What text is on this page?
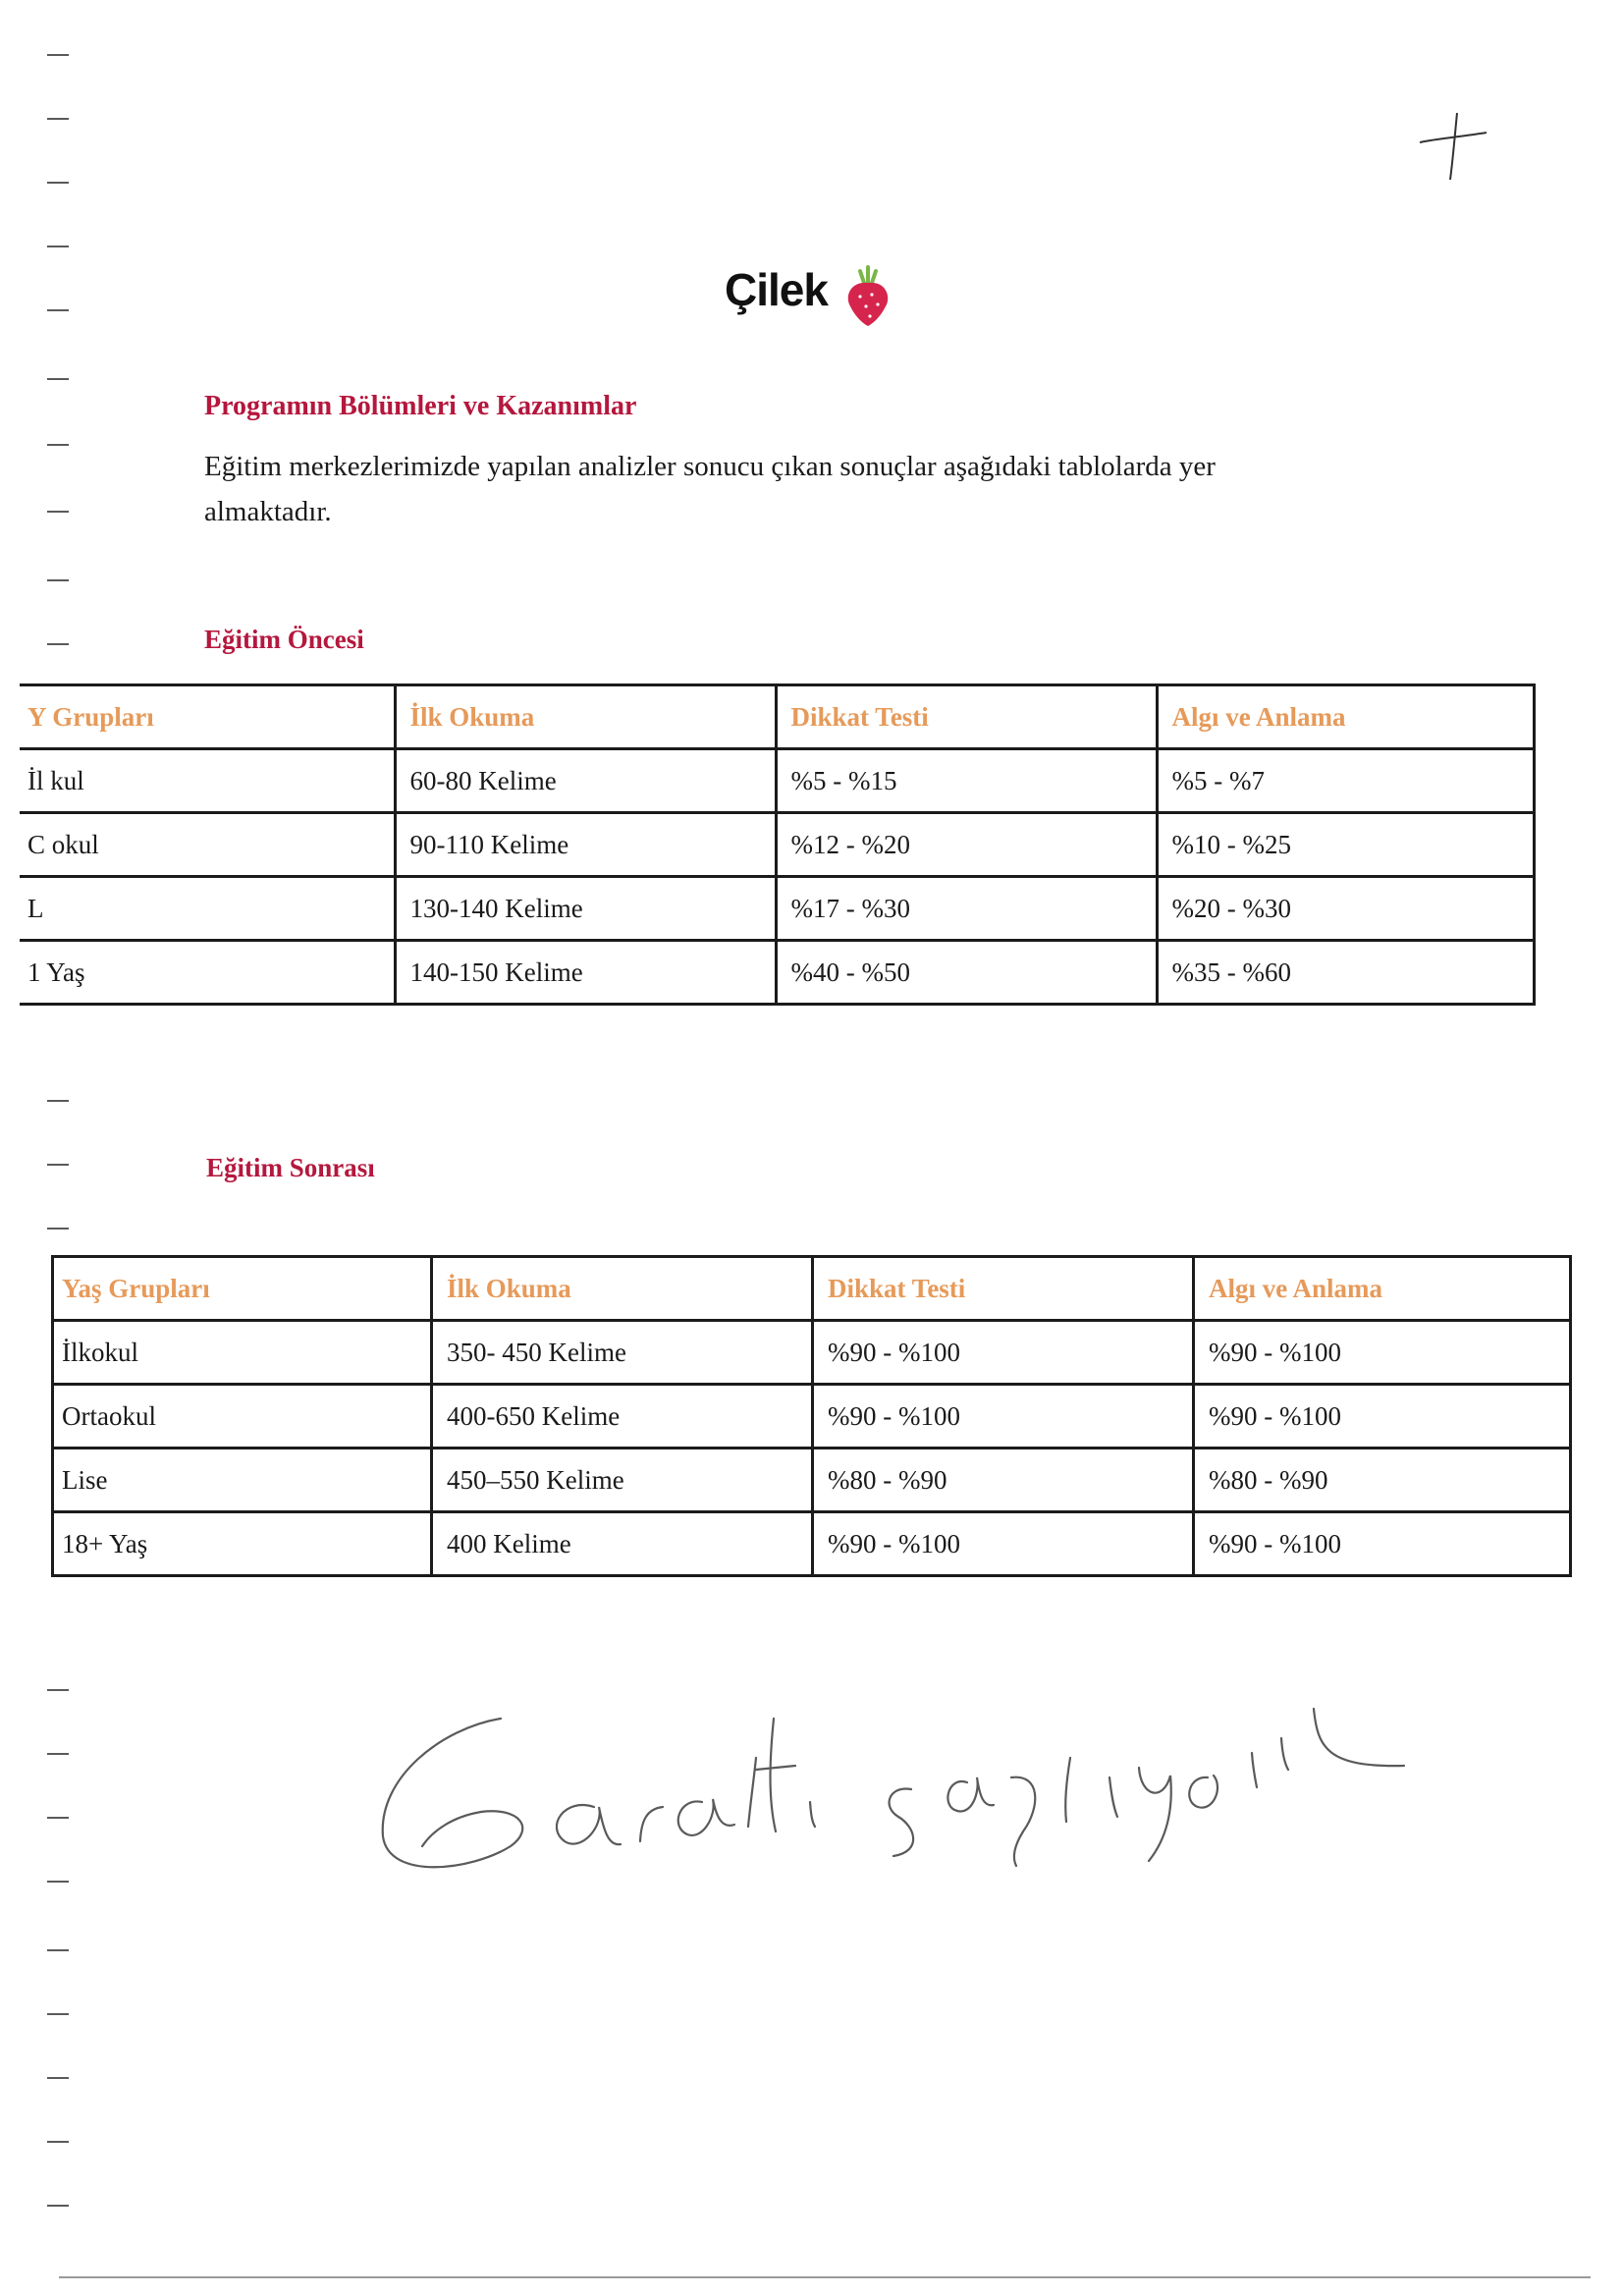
Çilek
Programın Bölümleri ve Kazanımlar
Eğitim merkezlerimizde yapılan analizler sonucu çıkan sonuçlar aşağıdaki tablolarda yer almaktadır.
Eğitim Öncesi
Y Grupları	İlk Okuma	Dikkat Testi	Algı ve Anlama
İl kul	60-80 Kelime	%5 - %15	%5 - %7
C okul	90-110 Kelime	%12 - %20	%10 - %25
L	130-140 Kelime	%17 - %30	%20 - %30
1 Yaş	140-150 Kelime	%40 - %50	%35 - %60
Eğitim Sonrası
Yaş Grupları	İlk Okuma	Dikkat Testi	Algı ve Anlama
İlkokul	350- 450 Kelime	%90 - %100	%90 - %100
Ortaokul	400-650 Kelime	%90 - %100	%90 - %100
Lise	450–550 Kelime	%80 - %90	%80 - %90
18+ Yaş	400 Kelime	%90 - %100	%90 - %100
